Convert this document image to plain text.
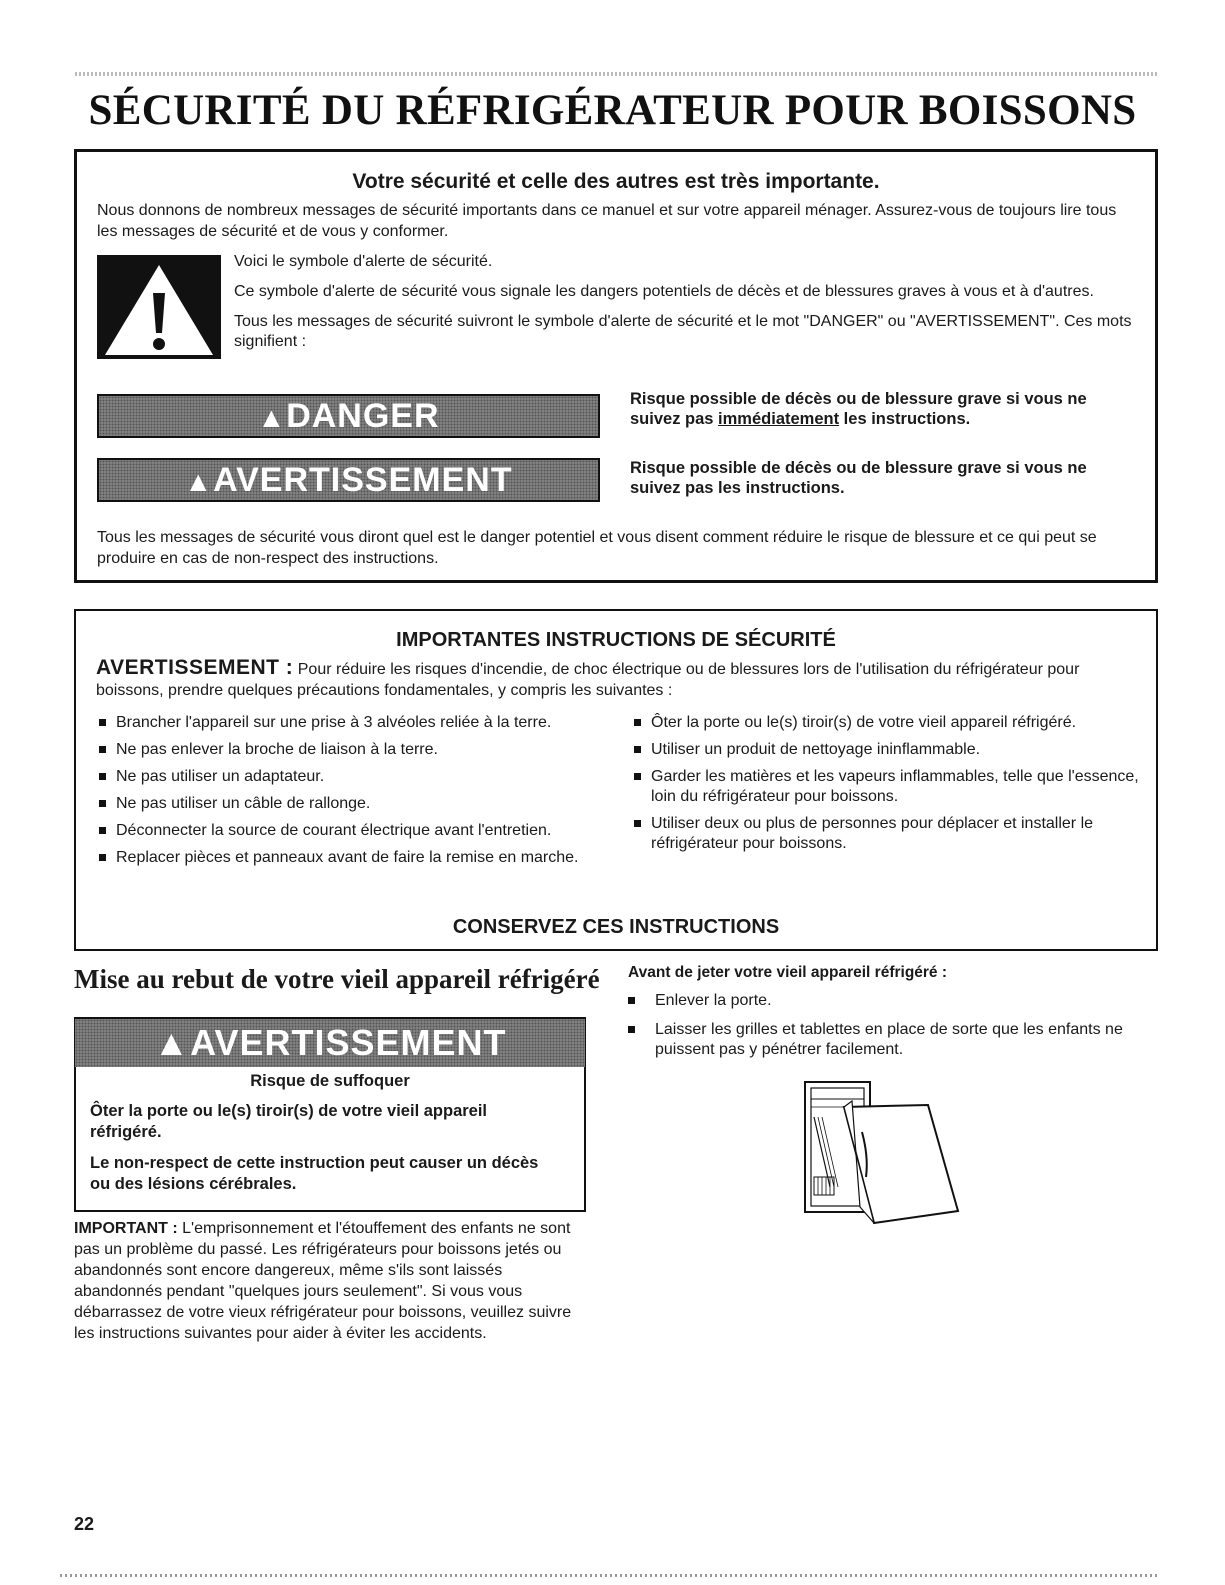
SÉCURITÉ DU RÉFRIGÉRATEUR POUR BOISSONS
Votre sécurité et celle des autres est très importante.

Nous donnons de nombreux messages de sécurité importants dans ce manuel et sur votre appareil ménager. Assurez-vous de toujours lire tous les messages de sécurité et de vous y conformer.

Voici le symbole d'alerte de sécurité.

Ce symbole d'alerte de sécurité vous signale les dangers potentiels de décès et de blessures graves à vous et à d'autres.

Tous les messages de sécurité suivront le symbole d'alerte de sécurité et le mot "DANGER" ou "AVERTISSEMENT". Ces mots signifient :

▲DANGER	Risque possible de décès ou de blessure grave si vous ne suivez pas immédiatement les instructions.

▲AVERTISSEMENT	Risque possible de décès ou de blessure grave si vous ne suivez pas les instructions.

Tous les messages de sécurité vous diront quel est le danger potentiel et vous disent comment réduire le risque de blessure et ce qui peut se produire en cas de non-respect des instructions.

IMPORTANTES INSTRUCTIONS DE SÉCURITÉ

AVERTISSEMENT : Pour réduire les risques d'incendie, de choc électrique ou de blessures lors de l'utilisation du réfrigérateur pour boissons, prendre quelques précautions fondamentales, y compris les suivantes :

Brancher l'appareil sur une prise à 3 alvéoles reliée à la terre.
Ne pas enlever la broche de liaison à la terre.
Ne pas utiliser un adaptateur.
Ne pas utiliser un câble de rallonge.
Déconnecter la source de courant électrique avant l'entretien.
Replacer pièces et panneaux avant de faire la remise en marche.
Ôter la porte ou le(s) tiroir(s) de votre vieil appareil réfrigéré.
Utiliser un produit de nettoyage ininflammable.
Garder les matières et les vapeurs inflammables, telle que l'essence, loin du réfrigérateur pour boissons.
Utiliser deux ou plus de personnes pour déplacer et installer le réfrigérateur pour boissons.
CONSERVEZ CES INSTRUCTIONS
Mise au rebut de votre vieil appareil réfrigéré
▲AVERTISSEMENT

Risque de suffoquer

Ôter la porte ou le(s) tiroir(s) de votre vieil appareil réfrigéré.

Le non-respect de cette instruction peut causer un décès ou des lésions cérébrales.

IMPORTANT : L'emprisonnement et l'étouffement des enfants ne sont pas un problème du passé. Les réfrigérateurs pour boissons jetés ou abandonnés sont encore dangereux, même s'ils sont laissés abandonnés pendant "quelques jours seulement". Si vous vous débarrassez de votre vieux réfrigérateur pour boissons, veuillez suivre les instructions suivantes pour aider à éviter les accidents.

Avant de jeter votre vieil appareil réfrigéré :

Enlever la porte.
Laisser les grilles et tablettes en place de sorte que les enfants ne puissent pas y pénétrer facilement.
22
